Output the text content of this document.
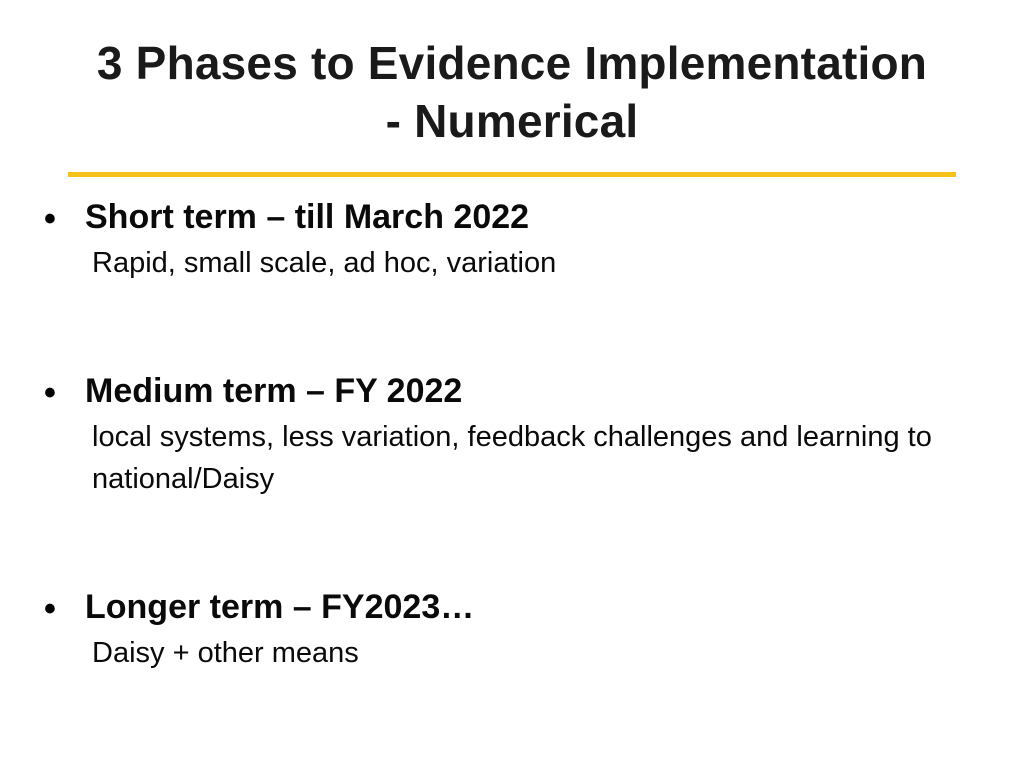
3 Phases to Evidence Implementation
- Numerical
• Short term – till March 2022
Rapid, small scale, ad hoc, variation
• Medium term – FY 2022
local systems, less variation, feedback challenges and learning to national/Daisy
• Longer term – FY2023…
Daisy + other means
